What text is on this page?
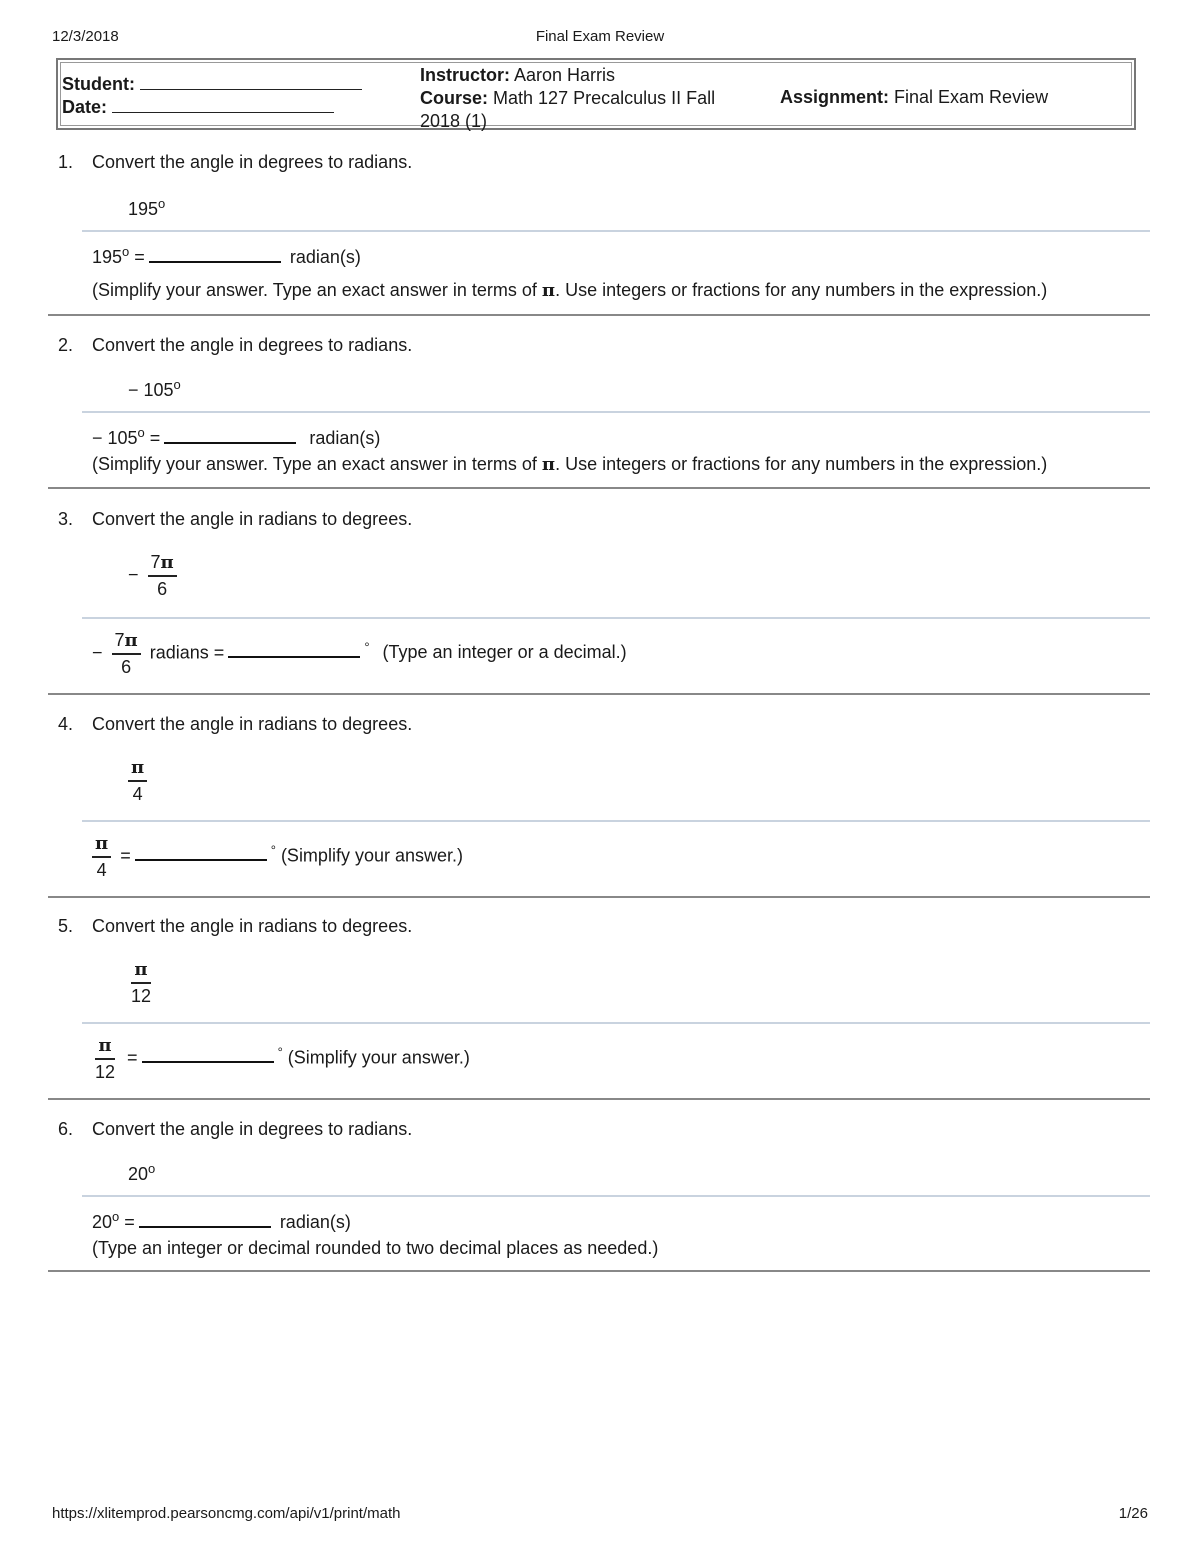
12/3/2018	Final Exam Review
Student:
Date:
Instructor: Aaron Harris
Course: Math 127 Precalculus II Fall 2018 (1)
Assignment: Final Exam Review
1. Convert the angle in degrees to radians.
195$^o$
$195^o$ =	radian(s)
(Simplify your answer. Type an exact answer in terms of π. Use integers or fractions for any numbers in the expression.)
2. Convert the angle in degrees to radians.
− $105^o$
− $105^o$ =	radian(s)
(Simplify your answer. Type an exact answer in terms of π. Use integers or fractions for any numbers in the expression.)
3. Convert the angle in radians to degrees.
− $\frac{7\pi}{6}$
− $\frac{7\pi}{6}$ radians =	° (Type an integer or a decimal.)
4. Convert the angle in radians to degrees.
$\frac{\pi}{4}$
$\frac{\pi}{4}$ =	° (Simplify your answer.)
5. Convert the angle in radians to degrees.
$\frac{\pi}{12}$
$\frac{\pi}{12}$ =	° (Simplify your answer.)
6. Convert the angle in degrees to radians.
20$^o$
$20^o$ =	radian(s)
(Type an integer or decimal rounded to two decimal places as needed.)
https://xlitemprod.pearsoncmg.com/api/v1/print/math	1/26
